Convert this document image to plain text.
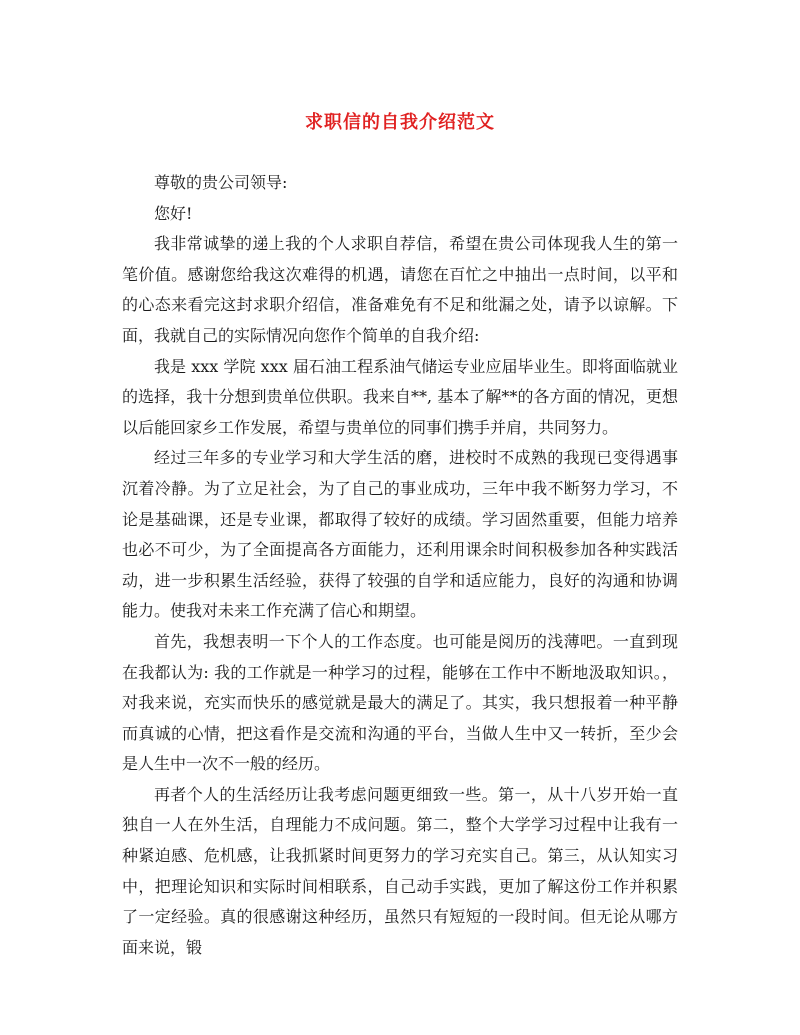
求职信的自我介绍范文

尊敬的贵公司领导:

您好!

我非常诚挚的递上我的个人求职自荐信，希望在贵公司体现我人生的第一笔价值。感谢您给我这次难得的机遇，请您在百忙之中抽出一点时间，以平和的心态来看完这封求职介绍信，准备难免有不足和纰漏之处，请予以谅解。下面，我就自己的实际情况向您作个简单的自我介绍:

我是 xxx 学院 xxx 届石油工程系油气储运专业应届毕业生。即将面临就业的选择，我十分想到贵单位供职。我来自**, 基本了解**的各方面的情况，更想以后能回家乡工作发展，希望与贵单位的同事们携手并肩，共同努力。

经过三年多的专业学习和大学生活的磨，进校时不成熟的我现已变得遇事沉着冷静。为了立足社会，为了自己的事业成功，三年中我不断努力学习，不论是基础课，还是专业课，都取得了较好的成绩。学习固然重要，但能力培养也必不可少，为了全面提高各方面能力，还利用课余时间积极参加各种实践活动，进一步积累生活经验，获得了较强的自学和适应能力，良好的沟通和协调能力。使我对未来工作充满了信心和期望。

首先，我想表明一下个人的工作态度。也可能是阅历的浅薄吧。一直到现在我都认为: 我的工作就是一种学习的过程，能够在工作中不断地汲取知识。，对我来说，充实而快乐的感觉就是最大的满足了。其实，我只想报着一种平静而真诚的心情，把这看作是交流和沟通的平台，当做人生中又一转折，至少会是人生中一次不一般的经历。

再者个人的生活经历让我考虑问题更细致一些。第一，从十八岁开始一直独自一人在外生活，自理能力不成问题。第二，整个大学学习过程中让我有一种紧迫感、危机感，让我抓紧时间更努力的学习充实自己。第三，从认知实习中，把理论知识和实际时间相联系，自己动手实践，更加了解这份工作并积累了一定经验。真的很感谢这种经历，虽然只有短短的一段时间。但无论从哪方面来说，锻
